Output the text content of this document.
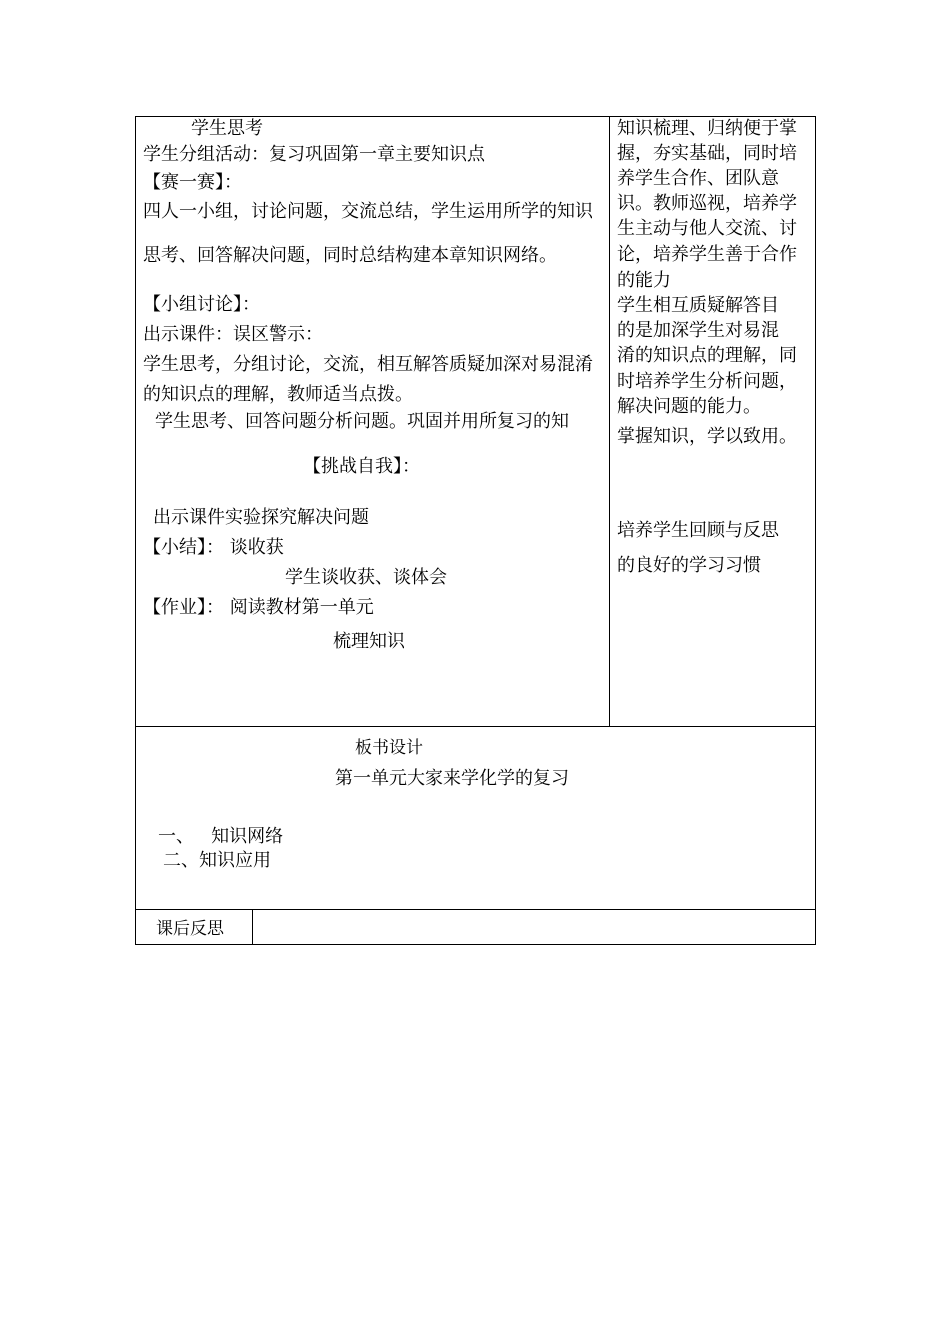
学生思考
学生分组活动：复习巩固第一章主要知识点
【赛一赛】：
四人一小组，讨论问题，交流总结，学生运用所学的知识
思考、回答解决问题，同时总结构建本章知识网络。
【小组讨论】：
出示课件：误区警示：
学生思考，分组讨论，交流，相互解答质疑加深对易混淆
的知识点的理解，教师适当点拨。
学生思考、回答问题分析问题。巩固并用所复习的知
【挑战自我】：
出示课件实验探究解决问题
【小结】： 谈收获
学生谈收获、谈体会
【作业】： 阅读教材第一单元
梳理知识
知识梳理、归纳便于掌
握，夯实基础，同时培
养学生合作、团队意
识。教师巡视，培养学
生主动与他人交流、讨
论，培养学生善于合作
的能力
学生相互质疑解答目
的是加深学生对易混
淆的知识点的理解，同
时培养学生分析问题，
解决问题的能力。
掌握知识，学以致用。
培养学生回顾与反思
的良好的学习习惯
板书设计
第一单元大家来学化学的复习
一、   知识网络
二、知识应用
课后反思
